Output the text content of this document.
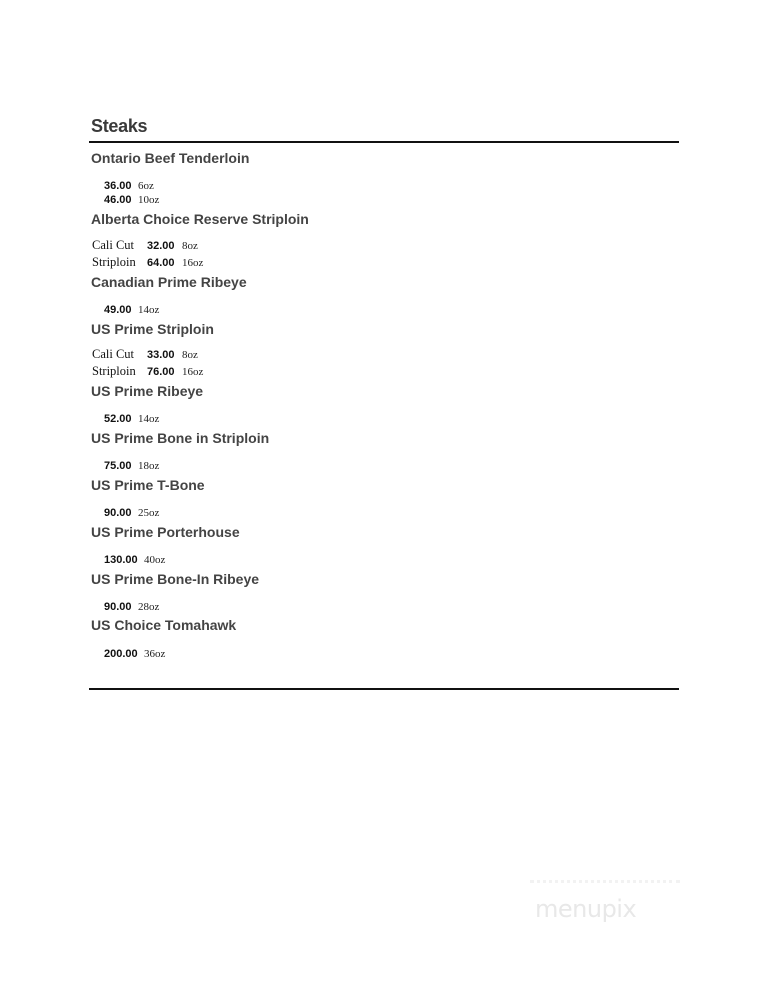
Steaks
Ontario Beef Tenderloin
36.00 6oz
46.00 10oz
Alberta Choice Reserve Striploin
Cali Cut 32.00 8oz
Striploin 64.00 16oz
Canadian Prime Ribeye
49.00 14oz
US Prime Striploin
Cali Cut 33.00 8oz
Striploin 76.00 16oz
US Prime Ribeye
52.00 14oz
US Prime Bone in Striploin
75.00 18oz
US Prime T-Bone
90.00 25oz
US Prime Porterhouse
130.00 40oz
US Prime Bone-In Ribeye
90.00 28oz
US Choice Tomahawk
200.00 36oz
menupix
